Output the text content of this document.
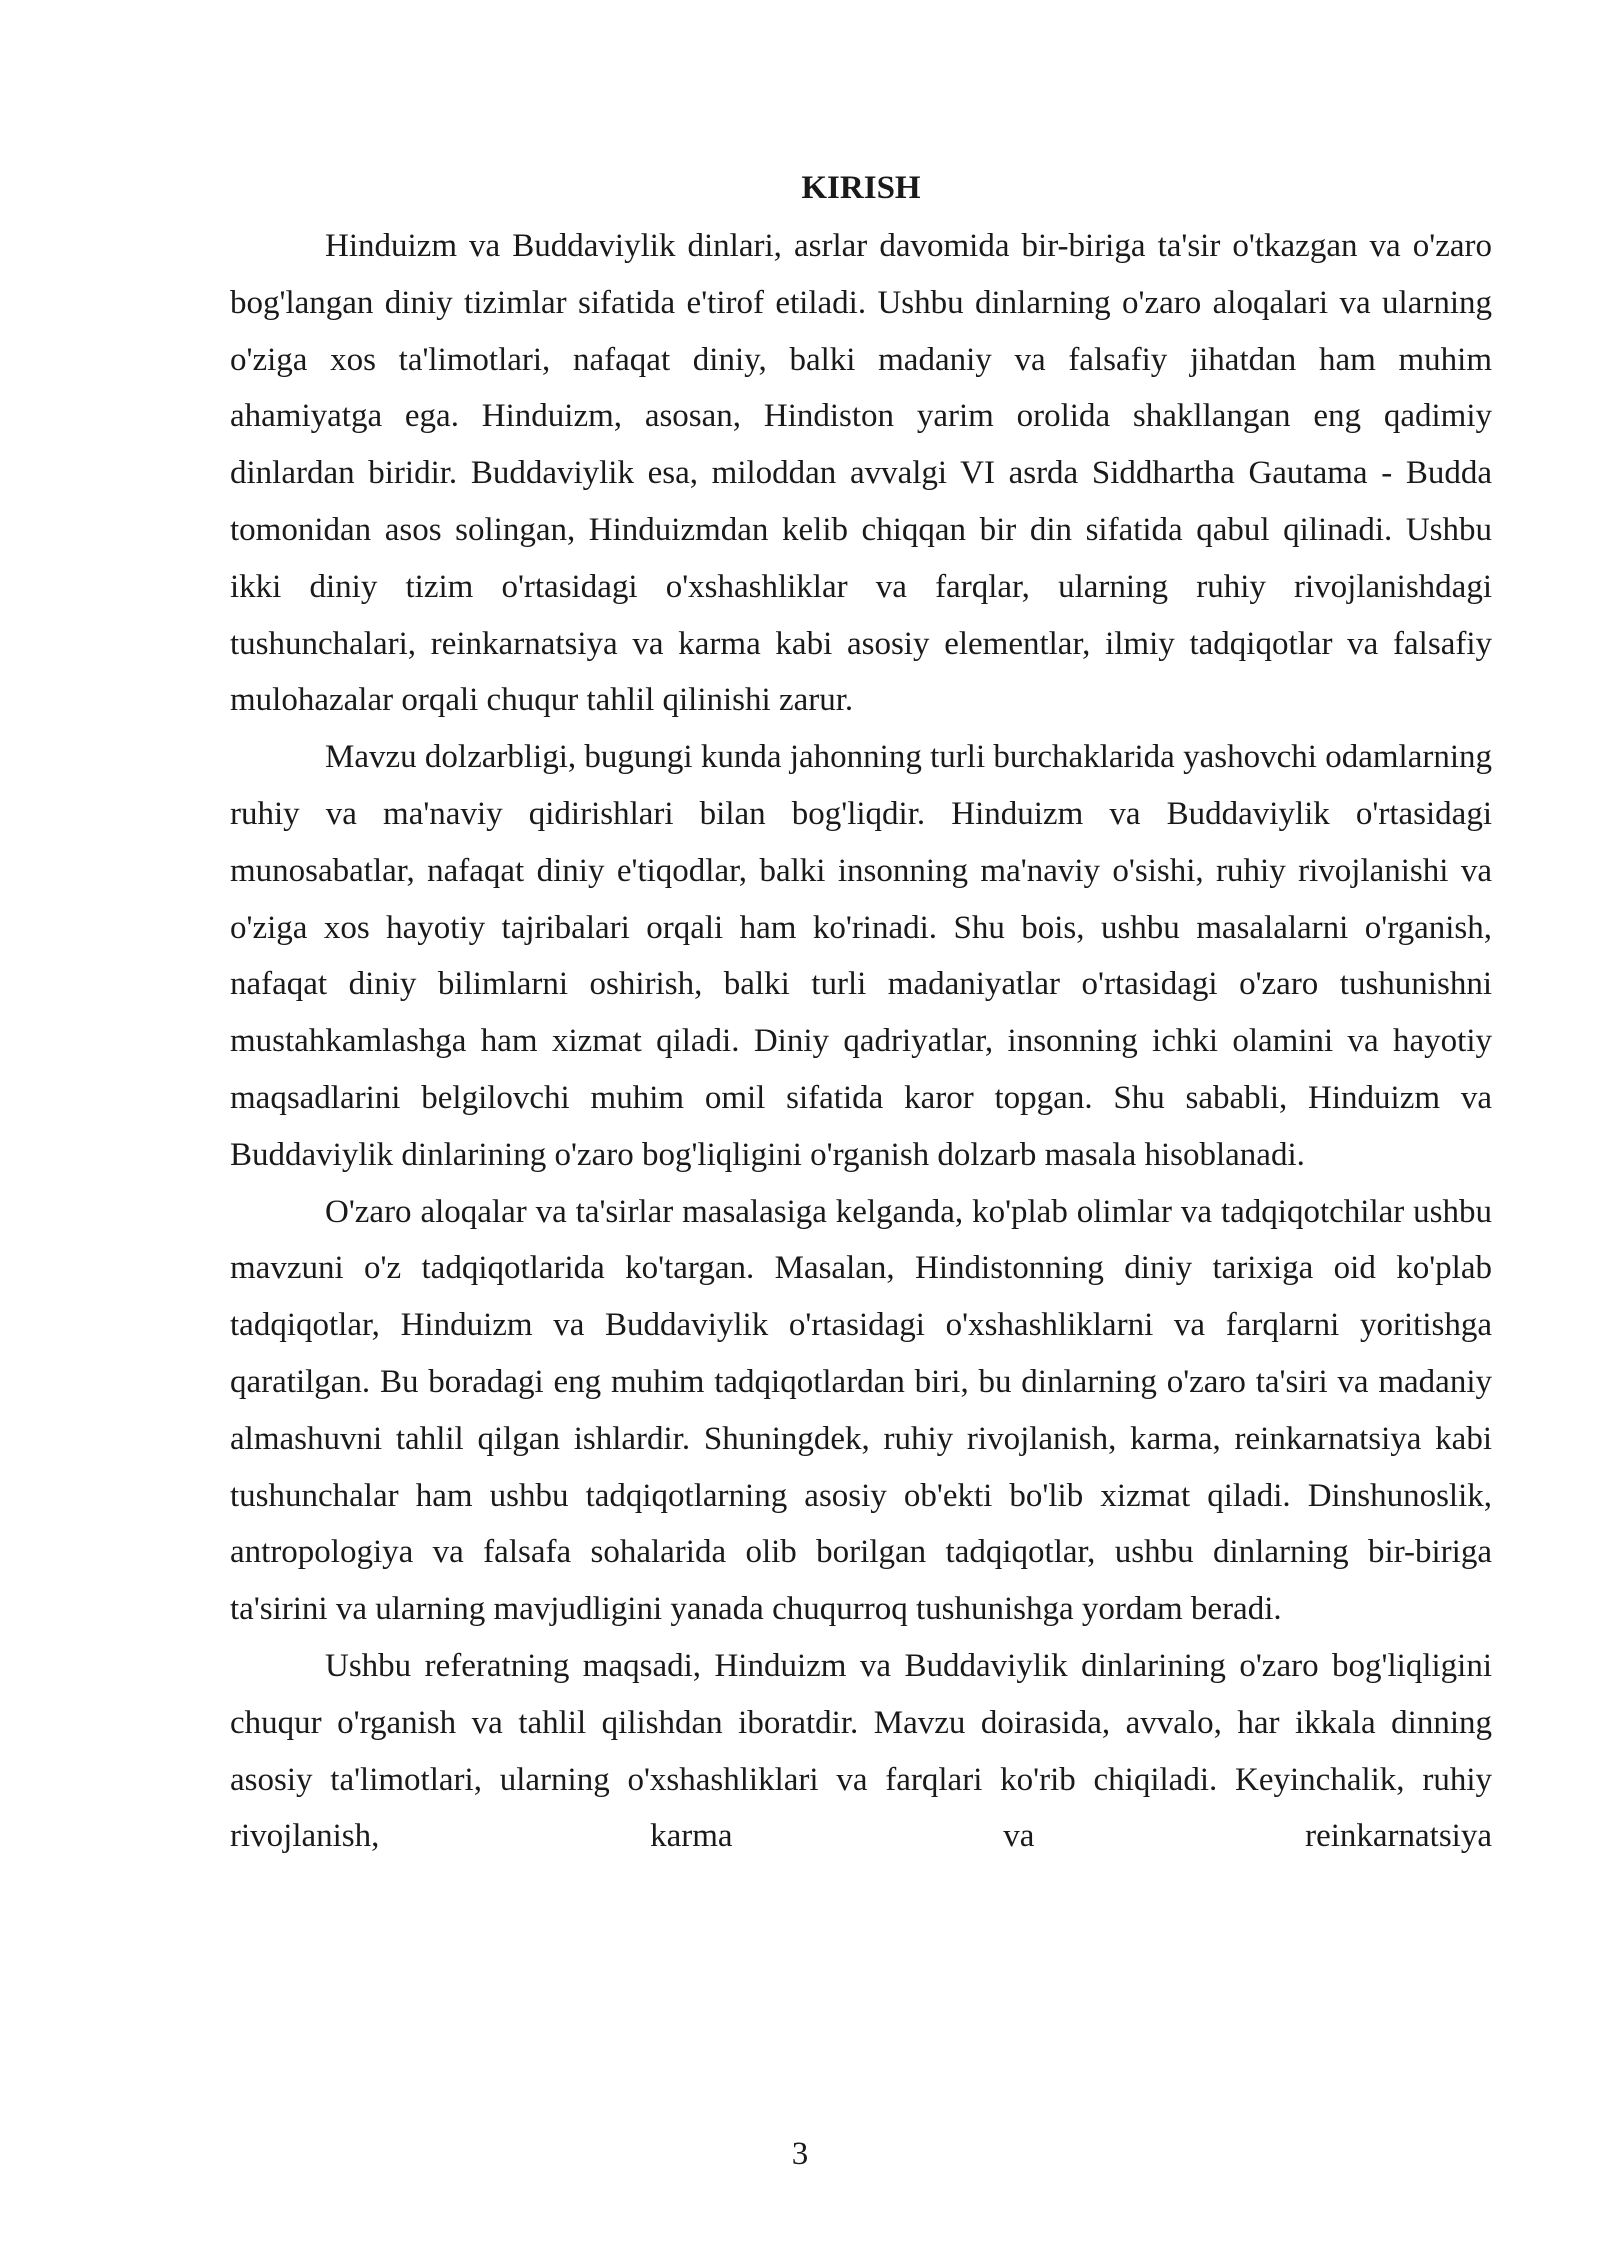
KIRISH

Hinduizm va Buddaviylik dinlari, asrlar davomida bir-biriga ta'sir o'tkazgan va o'zaro bog'langan diniy tizimlar sifatida e'tirof etiladi. Ushbu dinlarning o'zaro aloqalari va ularning o'ziga xos ta'limotlari, nafaqat diniy, balki madaniy va falsafiy jihatdan ham muhim ahamiyatga ega. Hinduizm, asosan, Hindiston yarim orolida shakllangan eng qadimiy dinlardan biridir. Buddaviylik esa, miloddan avvalgi VI asrda Siddhartha Gautama - Budda tomonidan asos solingan, Hinduizmdan kelib chiqqan bir din sifatida qabul qilinadi. Ushbu ikki diniy tizim o'rtasidagi o'xshashliklar va farqlar, ularning ruhiy rivojlanishdagi tushunchalari, reinkarnatsiya va karma kabi asosiy elementlar, ilmiy tadqiqotlar va falsafiy mulohazalar orqali chuqur tahlil qilinishi zarur.

Mavzu dolzarbligi, bugungi kunda jahonning turli burchaklarida yashovchi odamlarning ruhiy va ma'naviy qidirishlari bilan bog'liqdir. Hinduizm va Buddaviylik o'rtasidagi munosabatlar, nafaqat diniy e'tiqodlar, balki insonning ma'naviy o'sishi, ruhiy rivojlanishi va o'ziga xos hayotiy tajribalari orqali ham ko'rinadi. Shu bois, ushbu masalalarni o'rganish, nafaqat diniy bilimlarni oshirish, balki turli madaniyatlar o'rtasidagi o'zaro tushunishni mustahkamlashga ham xizmat qiladi. Diniy qadriyatlar, insonning ichki olamini va hayotiy maqsadlarini belgilovchi muhim omil sifatida karor topgan. Shu sababli, Hinduizm va Buddaviylik dinlarining o'zaro bog'liqligini o'rganish dolzarb masala hisoblanadi.

O'zaro aloqalar va ta'sirlar masalasiga kelganda, ko'plab olimlar va tadqiqotchilar ushbu mavzuni o'z tadqiqotlarida ko'targan. Masalan, Hindistonning diniy tarixiga oid ko'plab tadqiqotlar, Hinduizm va Buddaviylik o'rtasidagi o'xshashliklarni va farqlarni yoritishga qaratilgan. Bu boradagi eng muhim tadqiqotlardan biri, bu dinlarning o'zaro ta'siri va madaniy almashuvni tahlil qilgan ishlardir. Shuningdek, ruhiy rivojlanish, karma, reinkarnatsiya kabi tushunchalar ham ushbu tadqiqotlarning asosiy ob'ekti bo'lib xizmat qiladi. Dinshunoslik, antropologiya va falsafa sohalarida olib borilgan tadqiqotlar, ushbu dinlarning bir-biriga ta'sirini va ularning mavjudligini yanada chuqurroq tushunishga yordam beradi.

Ushbu referatning maqsadi, Hinduizm va Buddaviylik dinlarining o'zaro bog'liqligini chuqur o'rganish va tahlil qilishdan iboratdir. Mavzu doirasida, avvalo, har ikkala dinning asosiy ta'limotlari, ularning o'xshashliklari va farqlari ko'rib chiqiladi. Keyinchalik, ruhiy rivojlanish, karma va reinkarnatsiya

3
